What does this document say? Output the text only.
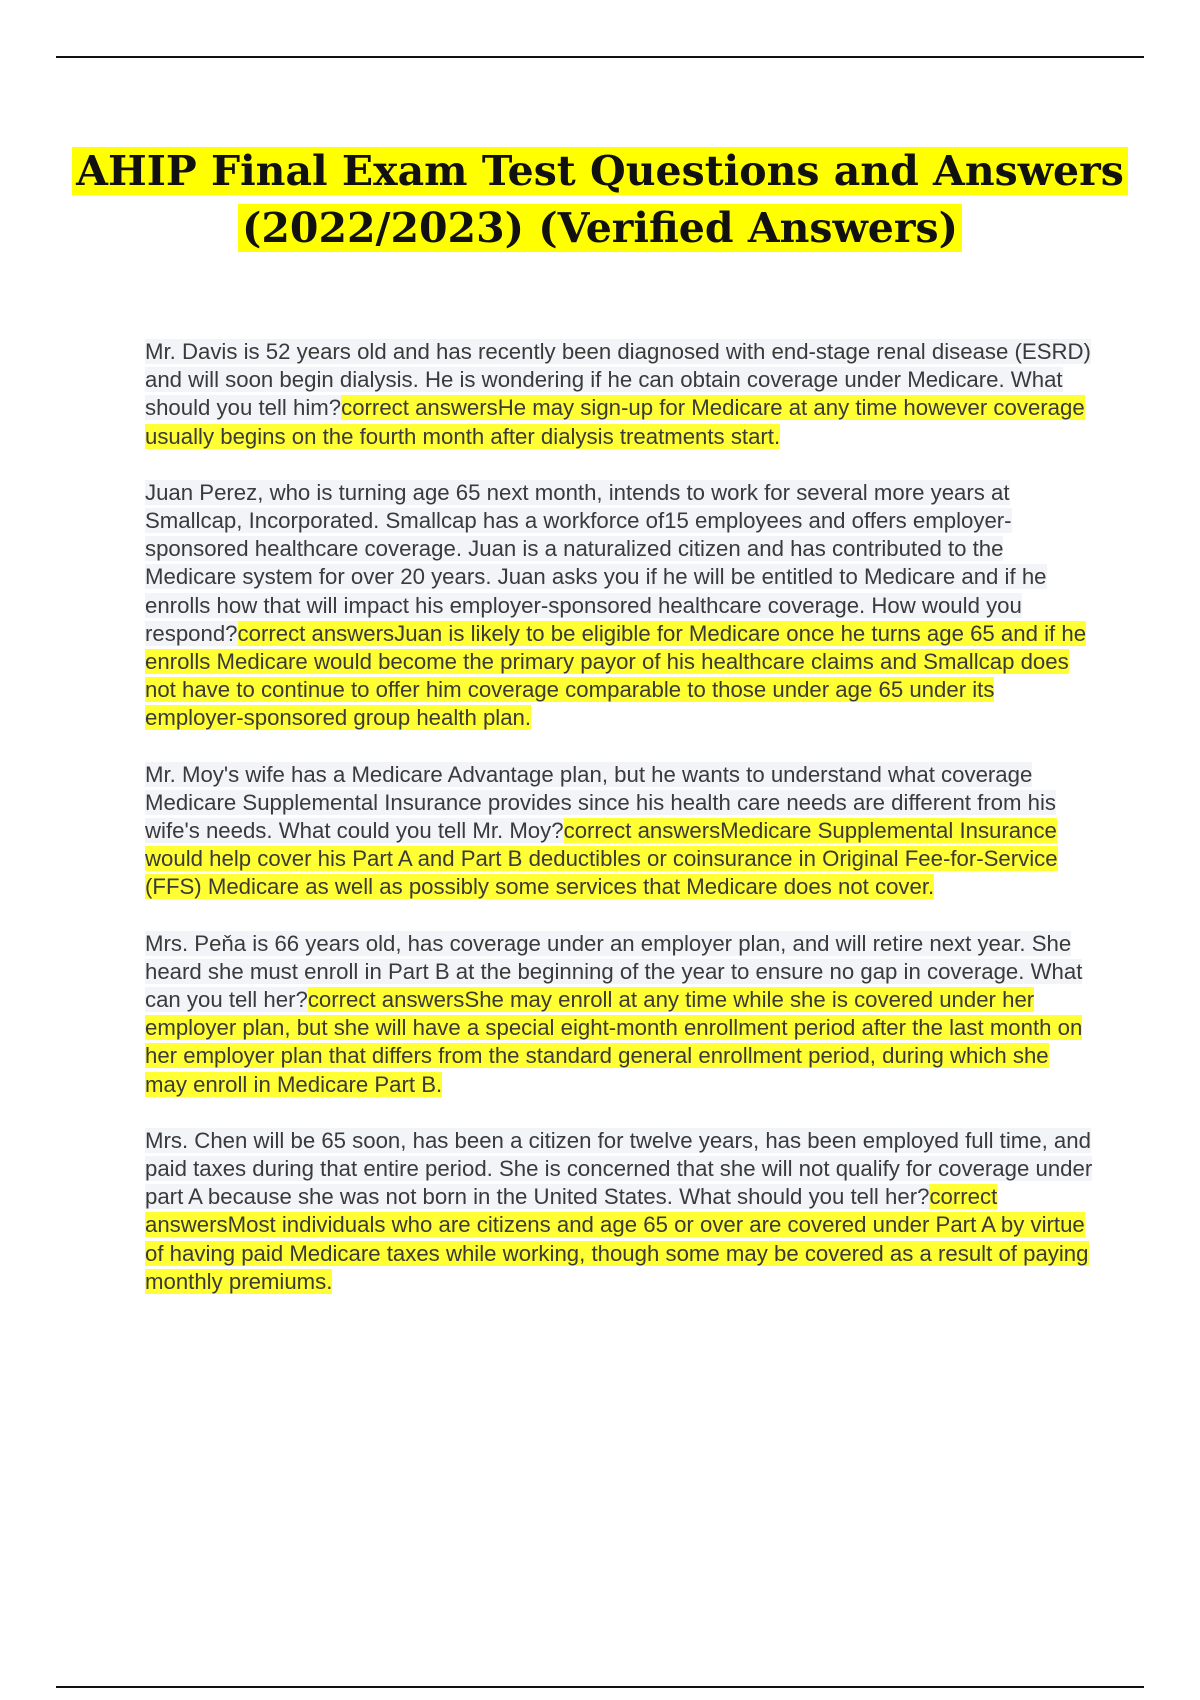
AHIP Final Exam Test Questions and Answers (2022/2023) (Verified Answers)

Mr. Davis is 52 years old and has recently been diagnosed with end-stage renal disease (ESRD) and will soon begin dialysis. He is wondering if he can obtain coverage under Medicare. What should you tell him?correct answersHe may sign-up for Medicare at any time however coverage usually begins on the fourth month after dialysis treatments start.

Juan Perez, who is turning age 65 next month, intends to work for several more years at Smallcap, Incorporated. Smallcap has a workforce of15 employees and offers employer-sponsored healthcare coverage. Juan is a naturalized citizen and has contributed to the Medicare system for over 20 years. Juan asks you if he will be entitled to Medicare and if he enrolls how that will impact his employer-sponsored healthcare coverage. How would you respond?correct answersJuan is likely to be eligible for Medicare once he turns age 65 and if he enrolls Medicare would become the primary payor of his healthcare claims and Smallcap does not have to continue to offer him coverage comparable to those under age 65 under its employer-sponsored group health plan.

Mr. Moy's wife has a Medicare Advantage plan, but he wants to understand what coverage Medicare Supplemental Insurance provides since his health care needs are different from his wife's needs. What could you tell Mr. Moy?correct answersMedicare Supplemental Insurance would help cover his Part A and Part B deductibles or coinsurance in Original Fee-for-Service (FFS) Medicare as well as possibly some services that Medicare does not cover.

Mrs. Peňa is 66 years old, has coverage under an employer plan, and will retire next year. She heard she must enroll in Part B at the beginning of the year to ensure no gap in coverage. What can you tell her?correct answersShe may enroll at any time while she is covered under her employer plan, but she will have a special eight-month enrollment period after the last month on her employer plan that differs from the standard general enrollment period, during which she may enroll in Medicare Part B.

Mrs. Chen will be 65 soon, has been a citizen for twelve years, has been employed full time, and paid taxes during that entire period. She is concerned that she will not qualify for coverage under part A because she was not born in the United States. What should you tell her?correct answersMost individuals who are citizens and age 65 or over are covered under Part A by virtue of having paid Medicare taxes while working, though some may be covered as a result of paying monthly premiums.
